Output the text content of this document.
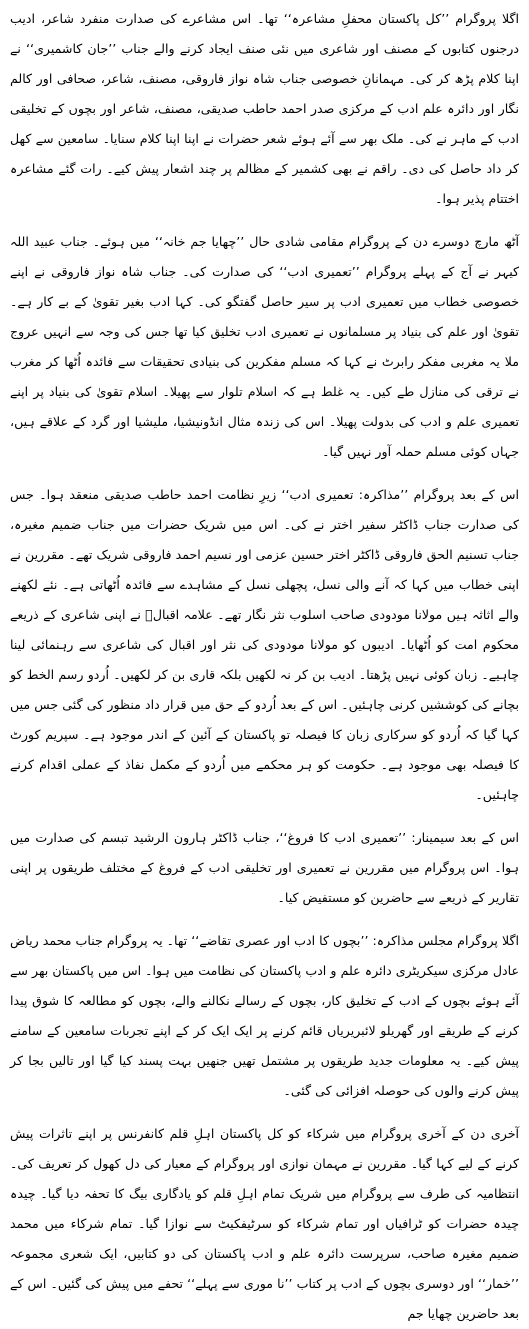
اگلا پروگرام ’’کل پاکستان محفلِ مشاعرہ‘‘ تھا۔ اس مشاعرے کی صدارت منفرد شاعر، ادیب درجنوں کتابوں کے مصنف اور شاعری میں نئی صنف ایجاد کرنے والے جناب ’’جان کاشمیری‘‘ نے اپنا کلام پڑھ کر کی۔ مہمانانِ خصوصی جناب شاہ نواز فاروقی، مصنف، شاعر، صحافی اور کالم نگار اور دائرہ علم ادب کے مرکزی صدر احمد حاطب صدیقی، مصنف، شاعر اور بچوں کے تخلیقی ادب کے ماہر نے کی۔ ملک بھر سے آئے ہوئے شعر حضرات نے اپنا اپنا کلام سنایا۔ سامعین سے کھل کر داد حاصل کی دی۔ راقم نے بھی کشمیر کے مظالم پر چند اشعار پیش کیے۔ رات گئے مشاعرہ اختتام پذیر ہوا۔

آٹھ مارچ دوسرے دن کے پروگرام مقامی شادی حال ’’چھایا جم خانہ‘‘ میں ہوئے۔ جناب عبید اللہ کیہر نے آج کے پہلے پروگرام ’’تعمیری ادب‘‘ کی صدارت کی۔ جناب شاہ نواز فاروقی نے اپنے خصوصی خطاب میں تعمیری ادب پر سیر حاصل گفتگو کی۔ کہا ادب بغیر تقویٰ کے بے کار ہے۔ تقویٰ اور علم کی بنیاد پر مسلمانوں نے تعمیری ادب تخلیق کیا تھا جس کی وجہ سے انہیں عروج ملا یہ مغربی مفکر رابرٹ نے کہا کہ مسلم مفکرین کی بنیادی تحقیقات سے فائدہ اُٹھا کر مغرب نے ترقی کی منازل طے کیں۔ یہ غلط ہے کہ اسلام تلوار سے پھیلا۔ اسلام تقویٰ کی بنیاد پر اپنے تعمیری علم و ادب کی بدولت پھیلا۔ اس کی زندہ مثال انڈونیشیا، ملیشیا اور گرد کے علاقے ہیں، جہاں کوئی مسلم حملہ آور نہیں گیا۔

اس کے بعد پروگرام ’’مذاکرہ: تعمیری ادب‘‘ زیرِ نظامت احمد حاطب صدیقی منعقد ہوا۔ جس کی صدارت جناب ڈاکٹر سفیر اختر نے کی۔ اس میں شریک حضرات میں جناب ضمیم مغیرہ، جناب تسنیم الحق فاروقی ڈاکٹر اختر حسین عزمی اور نسیم احمد فاروقی شریک تھے۔ مقررین نے اپنی خطاب میں کہا کہ آنے والی نسل، پچھلی نسل کے مشاہدے سے فائدہ اُٹھاتی ہے۔ نئے لکھنے والے اثاثہ ہیں مولانا مودودی صاحب اسلوب نثر نگار تھے۔ علامہ اقبالؒ نے اپنی شاعری کے ذریعے محکوم امت کو اُٹھایا۔ ادیبوں کو مولانا مودودی کی نثر اور اقبال کی شاعری سے رہنمائی لینا چاہیے۔ زبان کوئی نہیں پڑھتا۔ ادیب بن کر نہ لکھیں بلکہ قاری بن کر لکھیں۔ اُردو رسم الخط کو بچانے کی کوششیں کرنی چاہئیں۔ اس کے بعد اُردو کے حق میں قرار داد منظور کی گئی جس میں کہا گیا کہ اُردو کو سرکاری زبان کا فیصلہ تو پاکستان کے آئین کے اندر موجود ہے۔ سپریم کورٹ کا فیصلہ بھی موجود ہے۔ حکومت کو ہر محکمے میں اُردو کے مکمل نفاذ کے عملی اقدام کرنے چاہئیں۔

اس کے بعد سیمینار: ’’تعمیری ادب کا فروغ‘‘، جناب ڈاکٹر ہارون الرشید تبسم کی صدارت میں ہوا۔ اس پروگرام میں مقررین نے تعمیری اور تخلیقی ادب کے فروغ کے مختلف طریقوں پر اپنی تقاریر کے ذریعے سے حاضرین کو مستفیض کیا۔

اگلا پروگرام مجلس مذاکرہ: ’’بچوں کا ادب اور عصری تقاضے‘‘ تھا۔ یہ پروگرام جناب محمد ریاض عادل مرکزی سیکریٹری دائرہ علم و ادب پاکستان کی نظامت میں ہوا۔ اس میں پاکستان بھر سے آئے ہوئے بچوں کے ادب کے تخلیق کار، بچوں کے رسالے نکالنے والے، بچوں کو مطالعہ کا شوق پیدا کرنے کے طریقے اور گھریلو لائبریریاں قائم کرنے پر ایک ایک کر کے اپنے تجربات سامعین کے سامنے پیش کیے۔ یہ معلومات جدید طریقوں پر مشتمل تھیں جنھیں بہت پسند کیا گیا اور تالیں بجا کر پیش کرنے والوں کی حوصلہ افزائی کی گئی۔

آخری دن کے آخری پروگرام میں شرکاء کو کل پاکستان اہلِ قلم کانفرنس پر اپنے تاثرات پیش کرنے کے لیے کہا گیا۔ مقررین نے مہمان نوازی اور پروگرام کے معیار کی دل کھول کر تعریف کی۔ انتظامیہ کی طرف سے پروگرام میں شریک تمام اہلِ قلم کو یادگاری بیگ کا تحفہ دیا گیا۔ چیدہ چیدہ حضرات کو ٹرافیاں اور تمام شرکاء کو سرٹیفکیٹ سے نوازا گیا۔ تمام شرکاء میں محمد ضمیم مغیرہ صاحب، سرپرست دائرہ علم و ادب پاکستان کی دو کتابیں، ایک شعری مجموعہ ’’خمار‘‘ اور دوسری بچوں کے ادب پر کتاب ’’نا موری سے پہلے‘‘ تحفے میں پیش کی گئیں۔ اس کے بعد حاضرین چھایا جم
